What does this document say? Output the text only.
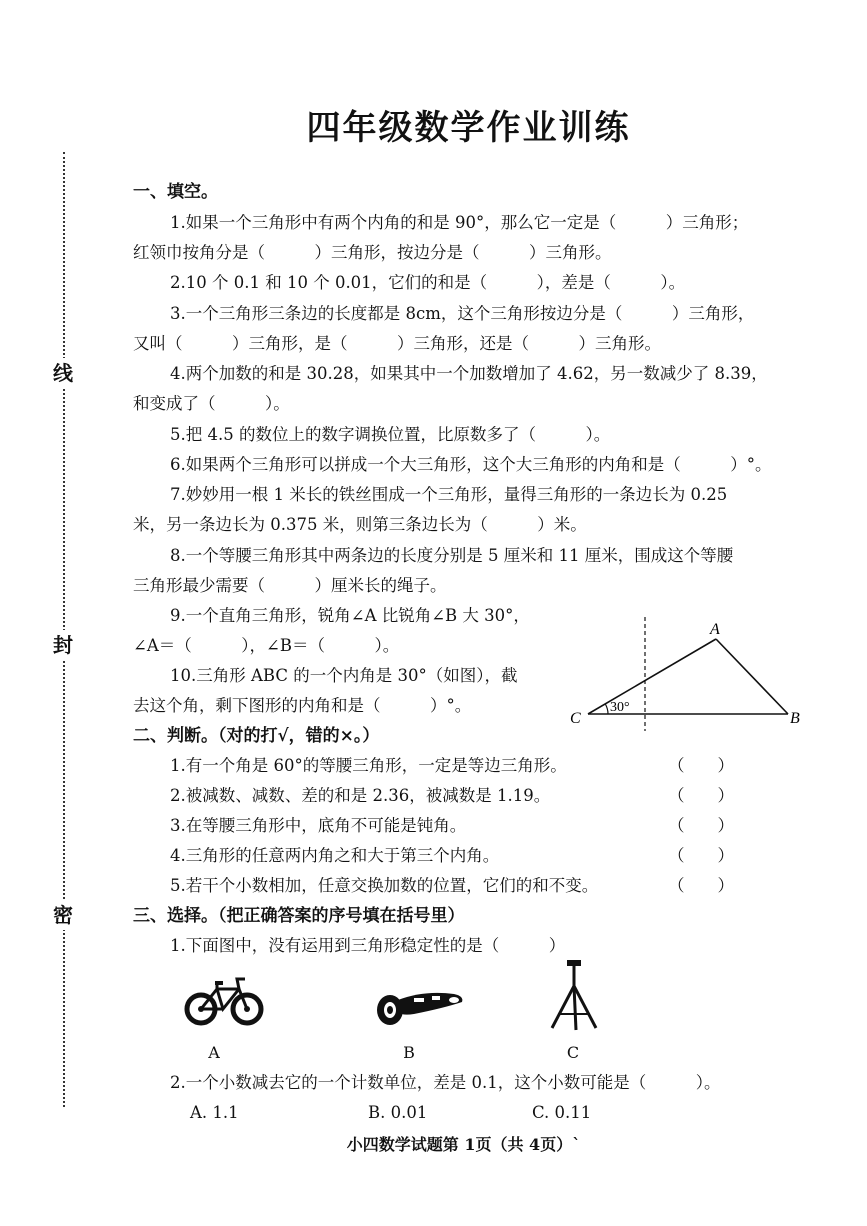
线
封
密
四年级数学作业训练
一、填空。
1.如果一个三角形中有两个内角的和是 90°，那么它一定是（　　　）三角形；
红领巾按角分是（　　　）三角形，按边分是（　　　）三角形。
2.10 个 0.1 和 10 个 0.01，它们的和是（　　　），差是（　　　）。
3.一个三角形三条边的长度都是 8cm，这个三角形按边分是（　　　）三角形，
又叫（　　　）三角形，是（　　　）三角形，还是（　　　）三角形。
4.两个加数的和是 30.28，如果其中一个加数增加了 4.62，另一数减少了 8.39，
和变成了（　　　）。
5.把 4.5 的数位上的数字调换位置，比原数多了（　　　）。
6.如果两个三角形可以拼成一个大三角形，这个大三角形的内角和是（　　　）°。
7.妙妙用一根 1 米长的铁丝围成一个三角形，量得三角形的一条边长为 0.25
米，另一条边长为 0.375 米，则第三条边长为（　　　）米。
8.一个等腰三角形其中两条边的长度分别是 5 厘米和 11 厘米，围成这个等腰
三角形最少需要（　　　）厘米长的绳子。
9.一个直角三角形，锐角∠A 比锐角∠B 大 30°，
∠A＝（　　　），∠B＝（　　　）。
10.三角形 ABC 的一个内角是 30°（如图），截
去这个角，剩下图形的内角和是（　　　）°。
C	B
A
30°
二、判断。（对的打√，错的×。）
1.有一个角是 60°的等腰三角形，一定是等边三角形。	（　　）
2.被减数、减数、差的和是 2.36，被减数是 1.19。	（　　）
3.在等腰三角形中，底角不可能是钝角。	（　　）
4.三角形的任意两内角之和大于第三个内角。	（　　）
5.若干个小数相加，任意交换加数的位置，它们的和不变。	（　　）
三、选择。（把正确答案的序号填在括号里）
1.下面图中，没有运用到三角形稳定性的是（　　　）
A	B	C
2.一个小数减去它的一个计数单位，差是 0.1，这个小数可能是（　　　）。
A. 1.1	B. 0.01	C. 0.11
小四数学试题第 1页（共 4页）`
